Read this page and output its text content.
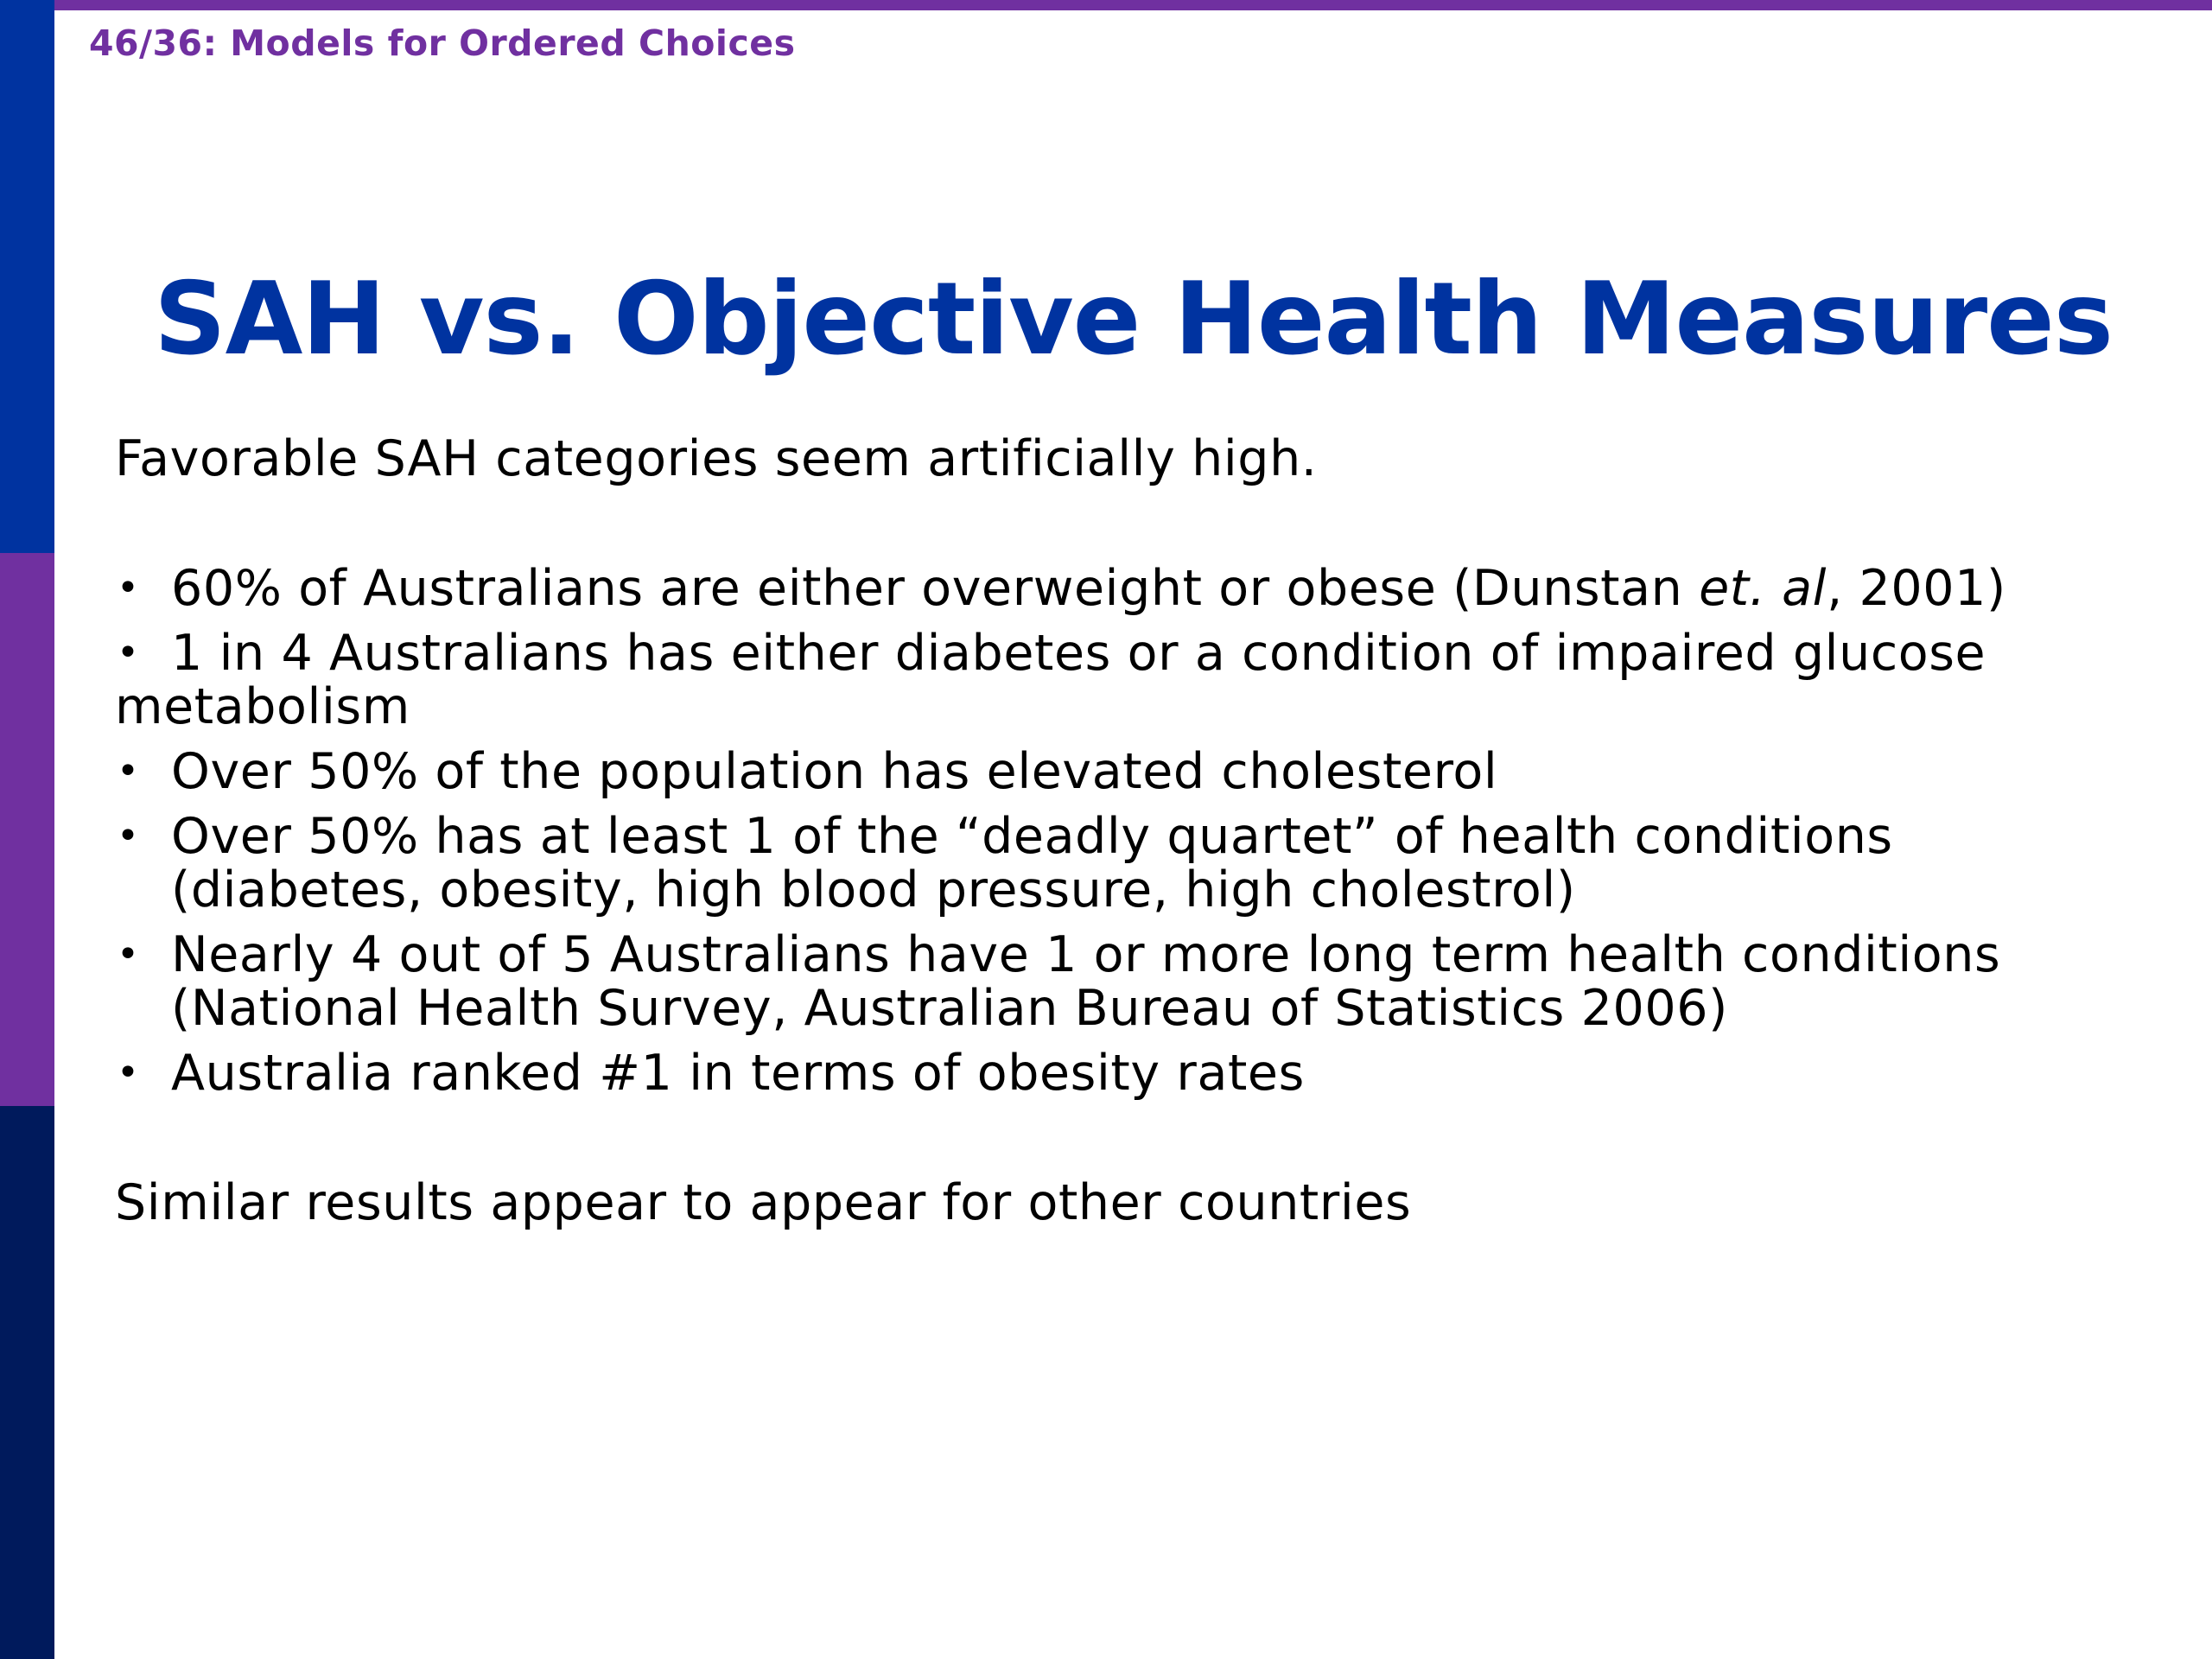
46/36: Models for Ordered Choices
SAH vs. Objective Health Measures
Favorable SAH categories seem artificially high.
• 60% of Australians are either overweight or obese (Dunstan et. al, 2001)
• 1 in 4 Australians has either diabetes or a condition of impaired glucose
metabolism
• Over 50% of the population has elevated cholesterol
• Over 50% has at least 1 of the “deadly quartet” of health conditions
(diabetes, obesity, high blood pressure, high cholestrol)
• Nearly 4 out of 5 Australians have 1 or more long term health conditions
(National Health Survey, Australian Bureau of Statistics 2006)
• Australia ranked #1 in terms of obesity rates
Similar results appear to appear for other countries
